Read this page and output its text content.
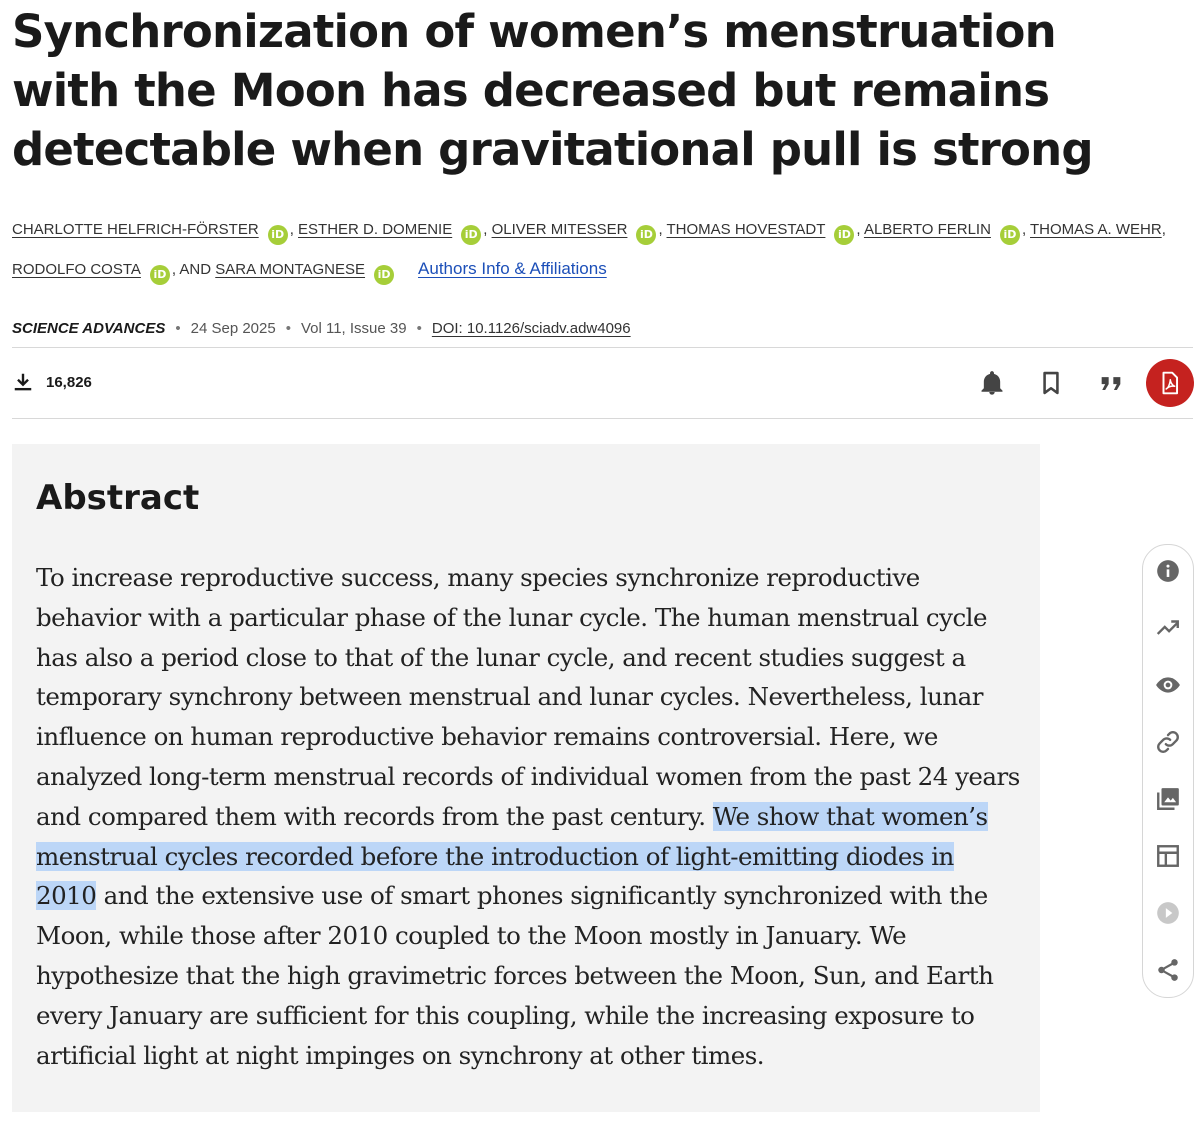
Synchronization of women’s menstruation with the Moon has decreased but remains detectable when gravitational pull is strong
CHARLOTTE HELFRICH-FÖRSTER iD , ESTHER D. DOMENIE iD , OLIVER MITESSER iD , THOMAS HOVESTADT iD , ALBERTO FERLIN iD , THOMAS A. WEHR, RODOLFO COSTA iD , AND SARA MONTAGNESE iD Authors Info & Affiliations
SCIENCE ADVANCES • 24 Sep 2025 • Vol 11, Issue 39 • DOI: 10.1126/sciadv.adw4096
16,826
Abstract

To increase reproductive success, many species synchronize reproductive behavior with a particular phase of the lunar cycle. The human menstrual cycle has also a period close to that of the lunar cycle, and recent studies suggest a temporary synchrony between menstrual and lunar cycles. Nevertheless, lunar influence on human reproductive behavior remains controversial. Here, we analyzed long-term menstrual records of individual women from the past 24 years and compared them with records from the past century. We show that women’s menstrual cycles recorded before the introduction of light-emitting diodes in 2010 and the extensive use of smart phones significantly synchronized with the Moon, while those after 2010 coupled to the Moon mostly in January. We hypothesize that the high gravimetric forces between the Moon, Sun, and Earth every January are sufficient for this coupling, while the increasing exposure to artificial light at night impinges on synchrony at other times.
